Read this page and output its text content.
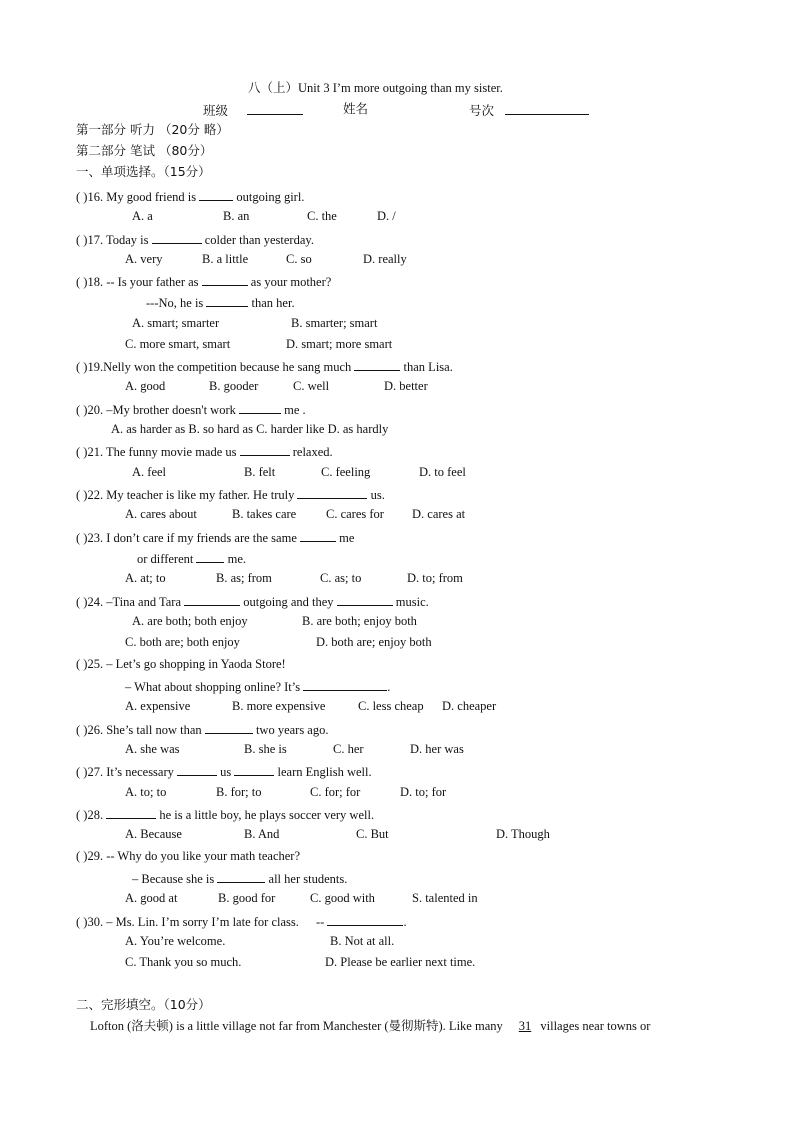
八（上）Unit 3 I’m more outgoing than my sister.
班级	姓名	号次
第一部分 听力 （20分 略）
第二部分 笔试 （80分）
一、单项选择。（15分）
( )16. My good friend is	outgoing girl.
A. a	B. an	C. the	D. /
( )17. Today is	colder than yesterday.
A. very	B. a little	C. so	D. really
( )18. -- Is your father as	as your mother?
---No, he is	than her.
A. smart; smarter	B. smarter; smart
C. more smart, smart	D. smart; more smart
( )19.Nelly won the competition because he sang much	than Lisa.
A. good	B. gooder	C. well	D. better
( )20. –My brother doesn't work	me .
A. as harder as B. so hard as C. harder like D. as hardly
( )21. The funny movie made us	relaxed.
A. feel	B. felt	C. feeling	D. to feel
( )22. My teacher is like my father. He truly	us.
A. cares about	B. takes care C. cares for D. cares at
( )23. I don’t care if my friends are the same	me
or different	me.
A. at; to	B. as; from	C. as; to	D. to; from
( )24. –Tina and Tara	outgoing and they	music.
A. are both; both enjoy	B. are both; enjoy both
C. both are; both enjoy	D. both are; enjoy both
( )25. – Let’s go shopping in Yaoda Store!
– What about shopping online? It’s	.
A. expensive	B. more expensive	C. less cheap D. cheaper
( )26. She’s tall now than	two years ago.
A. she was	B. she is	C. her	D. her was
( )27. It’s necessary	us	learn English well.
A. to; to	B. for; to	C. for; for	D. to; for
( )28.	he is a little boy, he plays soccer very well.
A. Because	B. And	C. But	D. Though
( )29. -- Why do you like your math teacher?
– Because she is	all her students.
A. good at	B. good for	C. good with	S. talented in
( )30. – Ms. Lin. I’m sorry I’m late for class. --	.
A. You’re welcome.	B. Not at all.
C. Thank you so much.	D. Please be earlier next time.
二、完形填空。（10分）
Lofton (洛夫顿) is a little village not far from Manchester (曼彻斯特). Like many 31 villages near towns or
